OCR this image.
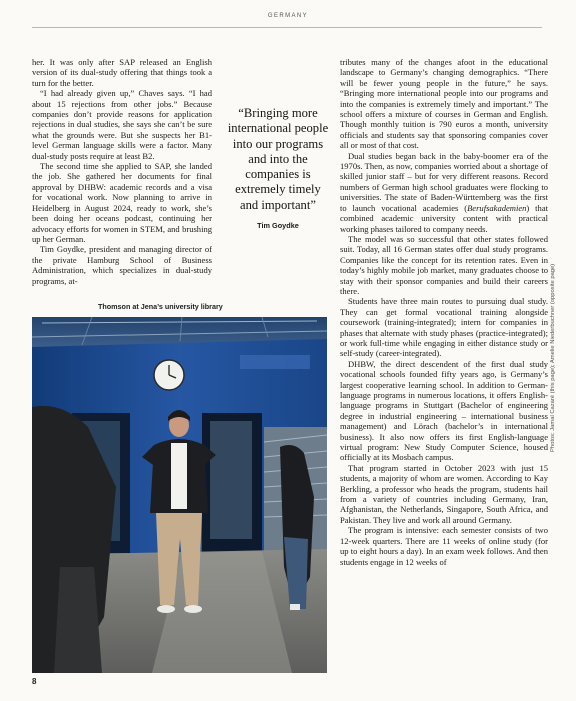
GERMANY

her. It was only after SAP released an English version of its dual-study offering that things took a turn for the better.

“I had already given up,” Chaves says. “I had about 15 rejections from other jobs.” Because companies don’t provide reasons for application rejections in dual studies, she says she can’t be sure what the grounds were. But she suspects her B1-level German language skills were a factor. Many dual-study posts require at least B2.

The second time she applied to SAP, she landed the job. She gathered her documents for final approval by DHBW: academic records and a visa for vocational work. Now planning to arrive in Heidelberg in August 2024, ready to work, she’s been doing her oceans podcast, continuing her advocacy efforts for women in STEM, and brushing up her German.

Tim Goydke, president and managing director of the private Hamburg School of Business Administration, which specializes in dual-study programs, at-

“Bringing more international people into our programs and into the companies is extremely timely and important”
Tim Goydke
Thomson at Jena’s university library

tributes many of the changes afoot in the educational landscape to Germany’s changing demographics. “There will be fewer young people in the future,” he says. “Bringing more international people into our programs and into the companies is extremely timely and important.” The school offers a mixture of courses in German and English. Though monthly tuition is 790 euros a month, university officials and students say that sponsoring companies cover all or most of that cost.

Dual studies began back in the baby-boomer era of the 1970s. Then, as now, companies worried about a shortage of skilled junior staff – but for very different reasons. Record numbers of German high school graduates were flocking to universities. The state of Baden-Württemberg was the first to launch vocational academies (Berufsakademien) that combined academic university content with practical working phases tailored to company needs.

The model was so successful that other states followed suit. Today, all 16 German states offer dual study programs. Companies like the concept for its retention rates. Even in today’s highly mobile job market, many graduates choose to stay with their sponsor companies and build their careers there.

Students have three main routes to pursuing dual study. They can get formal vocational training alongside coursework (training-integrated); intern for companies in phases that alternate with study phases (practice-integrated); or work full-time while engaging in either distance study or self-study (career-integrated).

DHBW, the direct descendent of the first dual study vocational schools founded fifty years ago, is Germany’s largest cooperative learning school. In addition to German-language programs in numerous locations, it offers English-language programs in Stuttgart (Bachelor of engineering degree in industrial engineering – international business management) and Lörach (bachelor’s in international business). It also now offers its first English-language virtual program: New Study Computer Science, housed officially at its Mosbach campus.

That program started in October 2023 with just 15 students, a majority of whom are women. According to Kay Berkling, a professor who heads the program, students hail from a variety of countries including Germany, Iran, Afghanistan, the Netherlands, Singapore, South Africa, and Pakistan. They live and work all around Germany.

The program is intensive: each semester consists of two 12-week quarters. There are 11 weeks of online study (for up to eight hours a day). In an exam week follows. And then students engage in 12 weeks of

Photos: Jamal Cazaré (this page); Amelie Niederbuchner (opposite page)
8
